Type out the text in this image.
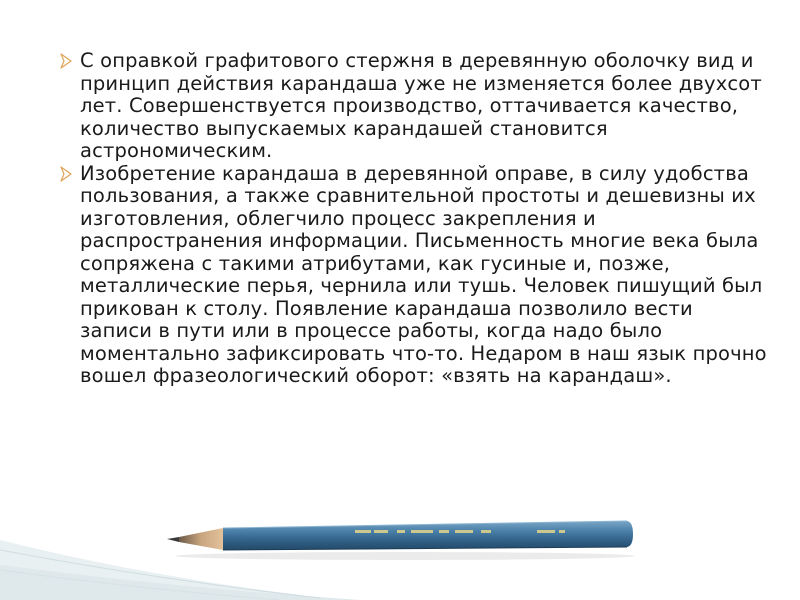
С оправкой графитового стержня в деревянную оболочку вид и принцип действия карандаша уже не изменяется более двухсот лет. Совершенствуется производство, оттачивается качество, количество выпускаемых карандашей становится астрономическим.
Изобретение карандаша в деревянной оправе, в силу удобства пользования, а также сравнительной простоты и дешевизны их изготовления, облегчило процесс закрепления и распространения информации. Письменность многие века была сопряжена с такими атрибутами, как гусиные и, позже, металлические перья, чернила или тушь. Человек пишущий был прикован к столу. Появление карандаша позволило вести записи в пути или в процессе работы, когда надо было моментально зафиксировать что-то. Недаром в наш язык прочно вошел фразеологический оборот: «взять на карандаш».
